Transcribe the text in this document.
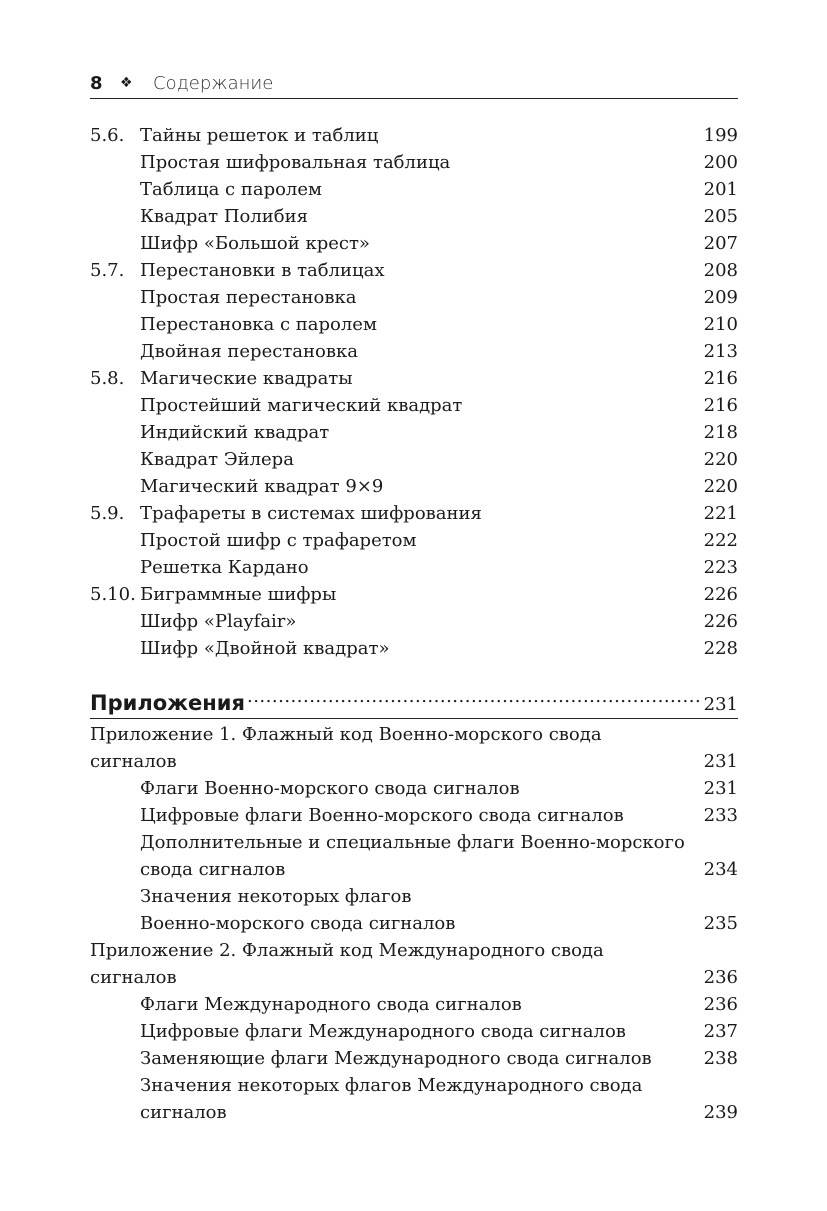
8 ❖ Содержание
5.6. Тайны решеток и таблиц	199
Простая шифровальная таблица	200
Таблица с паролем	201
Квадрат Полибия	205
Шифр «Большой крест»	207
5.7. Перестановки в таблицах	208
Простая перестановка	209
Перестановка с паролем	210
Двойная перестановка	213
5.8. Магические квадраты	216
Простейший магический квадрат	216
Индийский квадрат	218
Квадрат Эйлера	220
Магический квадрат 9×9	220
5.9. Трафареты в системах шифрования	221
Простой шифр с трафаретом	222
Решетка Кардано	223
5.10. Биграммные шифры	226
Шифр «Playfair»	226
Шифр «Двойной квадрат»	228
Приложения .....	231
Приложение 1. Флажный код Военно-морского свода
сигналов	231
Флаги Военно-морского свода сигналов	231
Цифровые флаги Военно-морского свода сигналов	233
Дополнительные и специальные флаги Военно-морского
свода сигналов	234
Значения некоторых флагов
Военно-морского свода сигналов	235
Приложение 2. Флажный код Международного свода
сигналов	236
Флаги Международного свода сигналов	236
Цифровые флаги Международного свода сигналов	237
Заменяющие флаги Международного свода сигналов	238
Значения некоторых флагов Международного свода
сигналов	239
